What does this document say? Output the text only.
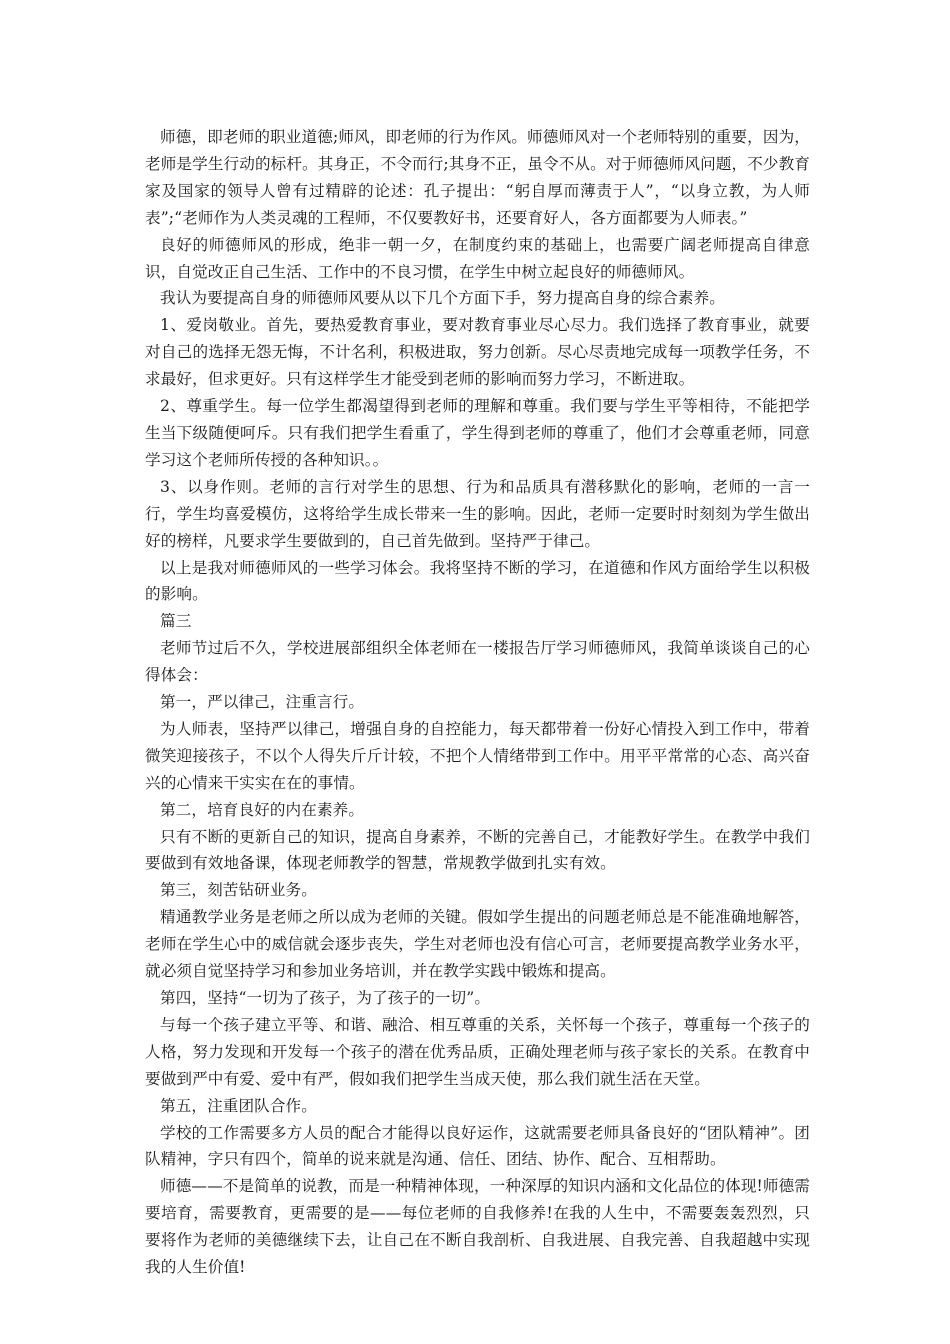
师德，即老师的职业道德;师风，即老师的行为作风。师德师风对一个老师特别的重要，因为，老师是学生行动的标杆。其身正，不令而行;其身不正，虽令不从。对于师德师风问题，不少教育家及国家的领导人曾有过精辟的论述：孔子提出：“躬自厚而薄责于人”，“以身立教，为人师表”;“老师作为人类灵魂的工程师，不仅要教好书，还要育好人，各方面都要为人师表。”

良好的师德师风的形成，绝非一朝一夕，在制度约束的基础上，也需要广阔老师提高自律意识，自觉改正自己生活、工作中的不良习惯，在学生中树立起良好的师德师风。

我认为要提高自身的师德师风要从以下几个方面下手，努力提高自身的综合素养。

1、爱岗敬业。首先，要热爱教育事业，要对教育事业尽心尽力。我们选择了教育事业，就要对自己的选择无怨无悔，不计名利，积极进取，努力创新。尽心尽责地完成每一项教学任务，不求最好，但求更好。只有这样学生才能受到老师的影响而努力学习，不断进取。

2、尊重学生。每一位学生都渴望得到老师的理解和尊重。我们要与学生平等相待，不能把学生当下级随便呵斥。只有我们把学生看重了，学生得到老师的尊重了，他们才会尊重老师，同意学习这个老师所传授的各种知识。。

3、以身作则。老师的言行对学生的思想、行为和品质具有潜移默化的影响，老师的一言一行，学生均喜爱模仿，这将给学生成长带来一生的影响。因此，老师一定要时时刻刻为学生做出好的榜样，凡要求学生要做到的，自己首先做到。坚持严于律己。

以上是我对师德师风的一些学习体会。我将坚持不断的学习，在道德和作风方面给学生以积极的影响。

篇三

老师节过后不久，学校进展部组织全体老师在一楼报告厅学习师德师风，我简单谈谈自己的心得体会：

第一，严以律己，注重言行。

为人师表，坚持严以律己，增强自身的自控能力，每天都带着一份好心情投入到工作中，带着微笑迎接孩子，不以个人得失斤斤计较，不把个人情绪带到工作中。用平平常常的心态、高兴奋兴的心情来干实实在在的事情。

第二，培育良好的内在素养。

只有不断的更新自己的知识，提高自身素养，不断的完善自己，才能教好学生。在教学中我们要做到有效地备课，体现老师教学的智慧，常规教学做到扎实有效。

第三，刻苦钻研业务。

精通教学业务是老师之所以成为老师的关键。假如学生提出的问题老师总是不能准确地解答，老师在学生心中的威信就会逐步丧失，学生对老师也没有信心可言，老师要提高教学业务水平，就必须自觉坚持学习和参加业务培训，并在教学实践中锻炼和提高。

第四，坚持“一切为了孩子，为了孩子的一切”。

与每一个孩子建立平等、和谐、融洽、相互尊重的关系，关怀每一个孩子，尊重每一个孩子的人格，努力发现和开发每一个孩子的潜在优秀品质，正确处理老师与孩子家长的关系。在教育中要做到严中有爱、爱中有严，假如我们把学生当成天使，那么我们就生活在天堂。

第五，注重团队合作。

学校的工作需要多方人员的配合才能得以良好运作，这就需要老师具备良好的“团队精神”。团队精神，字只有四个，简单的说来就是沟通、信任、团结、协作、配合、互相帮助。

师德——不是简单的说教，而是一种精神体现，一种深厚的知识内涵和文化品位的体现!师德需要培育，需要教育，更需要的是——每位老师的自我修养!在我的人生中，不需要轰轰烈烈，只要将作为老师的美德继续下去，让自己在不断自我剖析、自我进展、自我完善、自我超越中实现我的人生价值!
